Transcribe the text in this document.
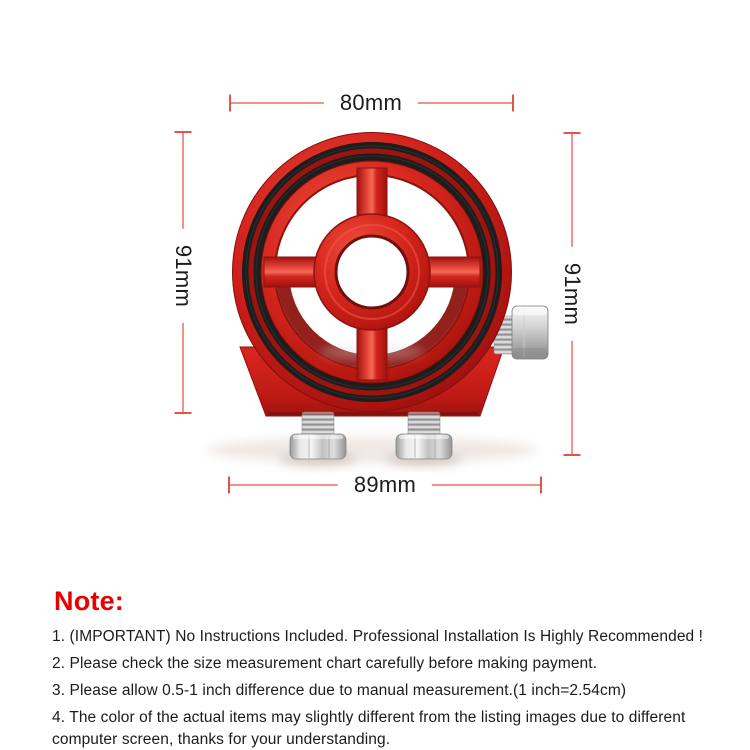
80mm
91mm	91mm
89mm
Note:

1. (IMPORTANT) No Instructions Included. Professional Installation Is Highly Recommended !

2. Please check the size measurement chart carefully before making payment.

3. Please allow 0.5-1 inch difference due to manual measurement.(1 inch=2.54cm)

4. The color of the actual items may slightly different from the listing images due to different computer screen, thanks for your understanding.
